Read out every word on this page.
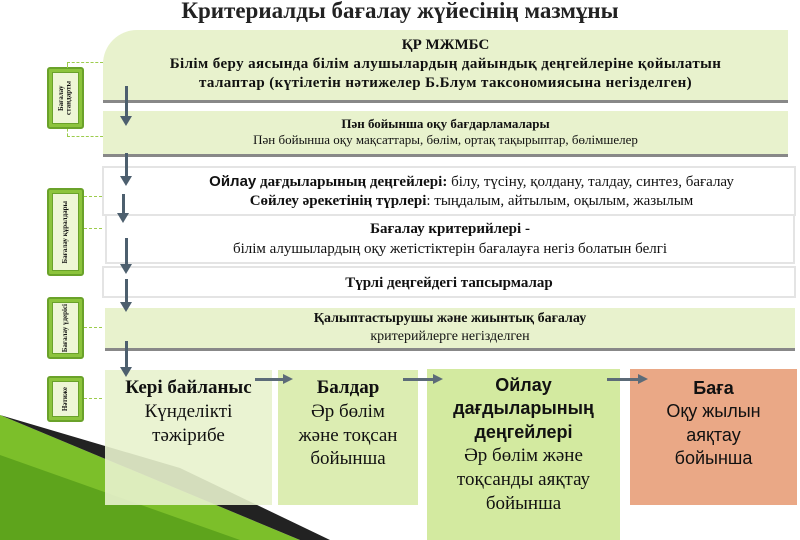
Критериалды бағалау жүйесінің мазмұны
Бағалау стандарты
Бағалау құралдары
Бағалау үдерісі
Нәтиже
ҚР МЖМБС
Білім беру аясында білім алушылардың дайындық деңгейлеріне қойылатын
талаптар (күтілетін нәтижелер Б.Блум таксономиясына негізделген)
Пән бойынша оқу бағдарламалары
Пән бойынша оқу мақсаттары, бөлім, ортақ тақырыптар, бөлімшелер
Ойлау дағдыларының деңгейлері: білу, түсіну, қолдану, талдау, синтез, бағалау
Сөйлеу әрекетінің түрлері: тыңдалым, айтылым, оқылым, жазылым
Бағалау критерийлері -
білім алушылардың оқу жетістіктерін бағалауға негіз болатын белгі
Түрлі деңгейдегі тапсырмалар
Қалыптастырушы және жиынтық бағалау
критерийлерге негізделген
Кері байланыс
Күнделікті
тәжірибе
Балдар
Әр бөлім
және тоқсан
бойынша
Ойлау дағдыларының деңгейлері
Әр бөлім және
тоқсанды аяқтау
бойынша
Баға
Оқу жылын
аяқтау
бойынша
